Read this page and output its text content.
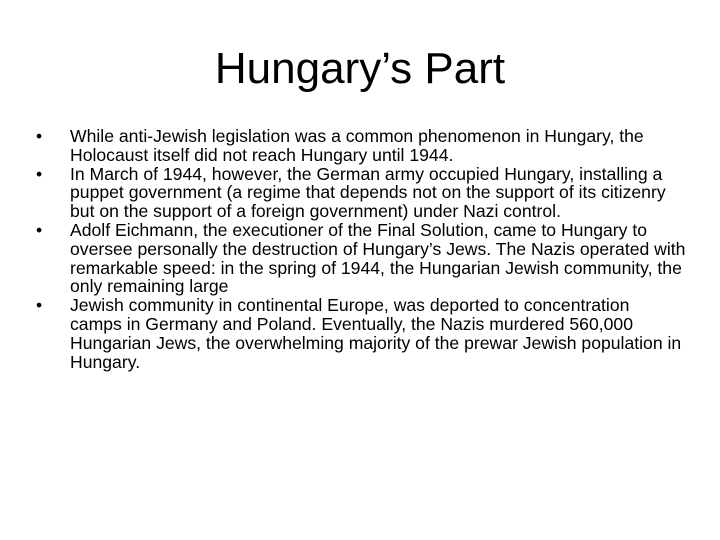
Hungary’s Part
•	While anti-Jewish legislation was a common phenomenon in Hungary, the Holocaust itself did not reach Hungary until 1944.
•	In March of 1944, however, the German army occupied Hungary, installing a puppet government (a regime that depends not on the support of its citizenry but on the support of a foreign government) under Nazi control.
•	Adolf Eichmann, the executioner of the Final Solution, came to Hungary to oversee personally the destruction of Hungary’s Jews. The Nazis operated with remarkable speed: in the spring of 1944, the Hungarian Jewish community, the only remaining large
•	Jewish community in continental Europe, was deported to concentration camps in Germany and Poland. Eventually, the Nazis murdered 560,000 Hungarian Jews, the overwhelming majority of the prewar Jewish population in Hungary.
